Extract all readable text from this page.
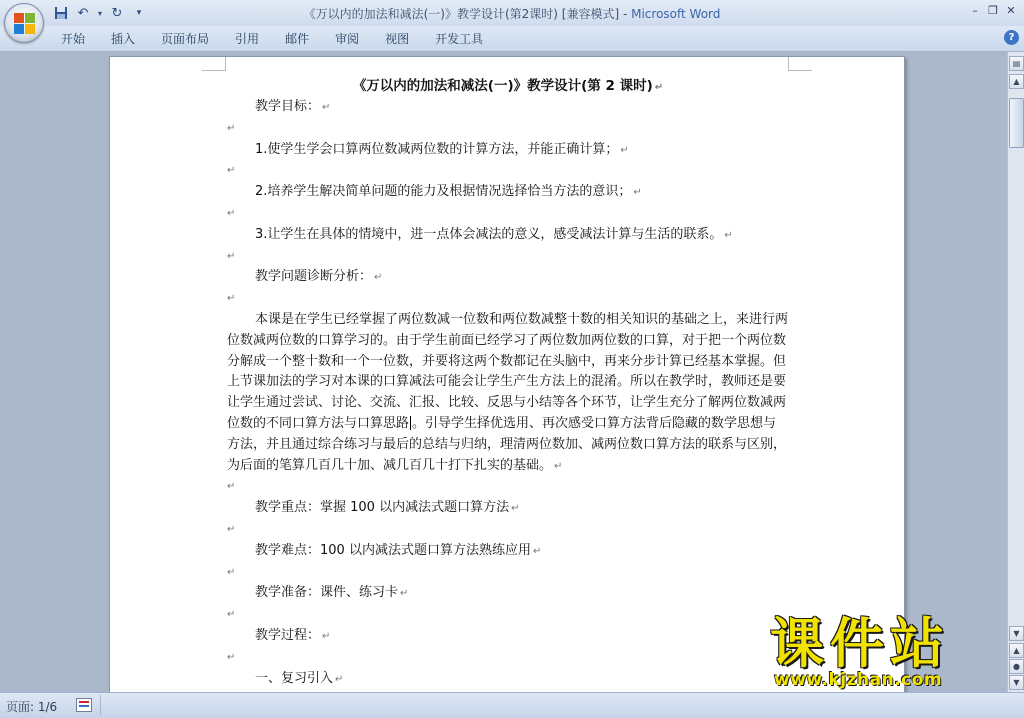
↶	▾ ↻	▾	《万以内的加法和减法(一)》教学设计(第2课时) [兼容模式] - Microsoft Word	– ❐ ✕
开始	插入	页面布局	引用	邮件	审阅	视图	开发工具	?
《万以内的加法和减法(一)》教学设计(第 2 课时) ↵
教学目标： ↵
↵
1.使学生学会口算两位数减两位数的计算方法，并能正确计算； ↵
↵
2.培养学生解决简单问题的能力及根据情况选择恰当方法的意识； ↵
↵
3.让学生在具体的情境中，进一点体会减法的意义，感受减法计算与生活的联系。 ↵
↵
教学问题诊断分析： ↵
↵
本课是在学生已经掌握了两位数减一位数和两位数减整十数的相关知识的基础之上，来进行两位数减两位数的口算学习的。由于学生前面已经学习了两位数加两位数的口算，对于把一个两位数分解成一个整十数和一个一位数，并要将这两个数都记在头脑中，再来分步计算已经基本掌握。但上节课加法的学习对本课的口算减法可能会让学生产生方法上的混淆。所以在教学时，教师还是要让学生通过尝试、讨论、交流、汇报、比较、反思与小结等各个环节，让学生充分了解两位数减两位数的不同口算方法与口算思路 。引导学生择优选用、再次感受口算方法背后隐藏的数学思想与方法，并且通过综合练习与最后的总结与归纳，理清两位数加、减两位数口算方法的联系与区别，为后面的笔算几百几十加、减几百几十打下扎实的基础。 ↵
↵
教学重点：掌握 100 以内减法式题口算方法 ↵
↵
教学难点：100 以内减法式题口算方法熟练应用 ↵
↵
教学准备：课件、练习卡 ↵
↵
教学过程： ↵
↵
一、复习引入 ↵
▤
▲
▼
▲
●
▼
页面: 1/6
课件站
www.kjzhan.com
